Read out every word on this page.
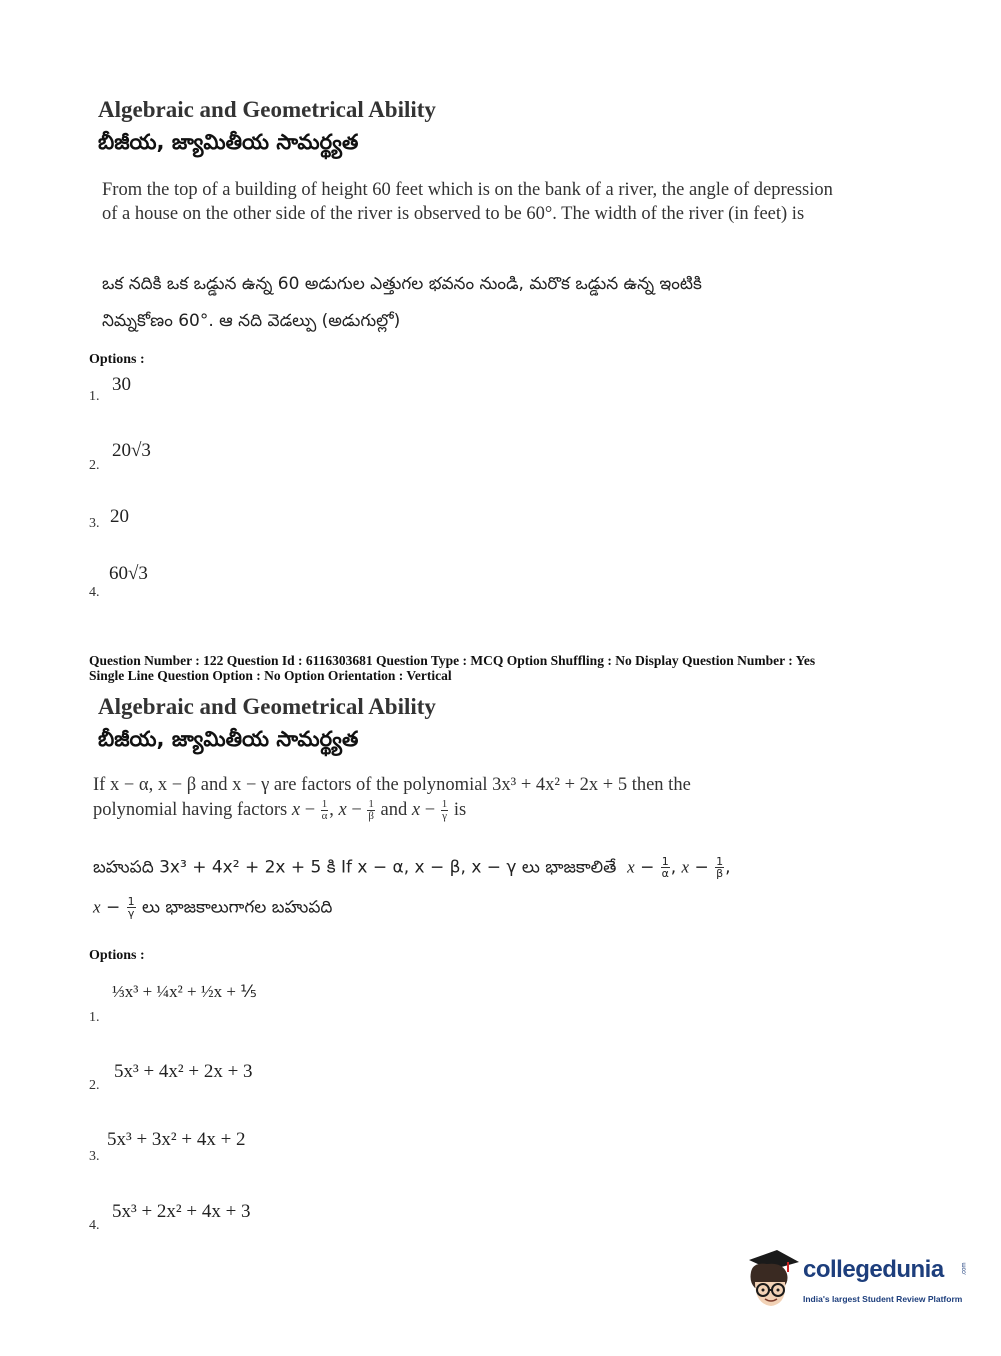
Algebraic and Geometrical Ability
బీజీయ, జ్యామితీయ సామర్థ్యత
From the top of a building of height 60 feet which is on the bank of a river, the angle of depression of a house on the other side of the river is observed to be 60°. The width of the river (in feet) is
ఒక నదికి ఒక ఒడ్డున ఉన్న 60 అడుగుల ఎత్తుగల భవనం నుండి, మరొక ఒడ్డున ఉన్న ఇంటికి
నిమ్నకోణం 60°. ఆ నది వెడల్పు (అడుగుల్లో)
Options :
1.
30
2.
20√3
3. 20
4.
60√3
Question Number : 122 Question Id : 6116303681 Question Type : MCQ Option Shuffling : No Display Question Number : Yes
Single Line Question Option : No Option Orientation : Vertical
Algebraic and Geometrical Ability
బీజీయ, జ్యామితీయ సామర్థ్యత
If x − α, x − β and x − γ are factors of the polynomial 3x³ + 4x² + 2x + 5 then the
polynomial having factors $x - \frac{1}{\alpha}$ , $x - \frac{1}{\beta}$ and $x - \frac{1}{\gamma}$ is
బహుపది 3x³ + 4x² + 2x + 5 కి If x − α, x − β, x − γ లు భాజకాలితే $x - \frac{1}{\alpha}$ , $x - \frac{1}{\beta}$ ,
$x - \frac{1}{\gamma}$ లు భాజకాలుగాగల బహుపది
Options :
1.
⅓x³ + ¼x² + ½x + ⅕
2.
5x³ + 4x² + 2x + 3
3.
5x³ + 3x² + 4x + 2
4.
5x³ + 2x² + 4x + 3
collegedunia	.com
India's largest Student Review Platform
